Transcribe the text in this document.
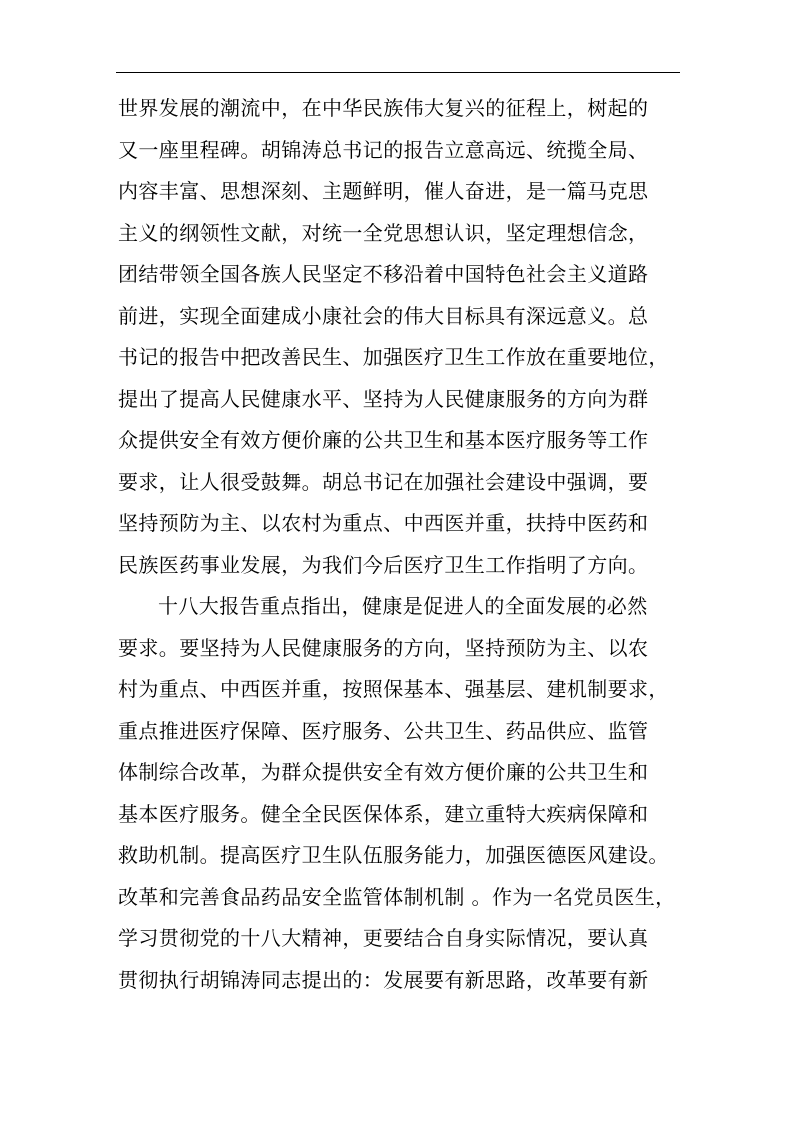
世界发展的潮流中，在中华民族伟大复兴的征程上，树起的
又一座里程碑。胡锦涛总书记的报告立意高远、统揽全局、
内容丰富、思想深刻、主题鲜明，催人奋进，是一篇马克思
主义的纲领性文献，对统一全党思想认识，坚定理想信念，
团结带领全国各族人民坚定不移沿着中国特色社会主义道路
前进，实现全面建成小康社会的伟大目标具有深远意义。总
书记的报告中把改善民生、加强医疗卫生工作放在重要地位，
提出了提高人民健康水平、坚持为人民健康服务的方向为群
众提供安全有效方便价廉的公共卫生和基本医疗服务等工作
要求，让人很受鼓舞。胡总书记在加强社会建设中强调，要
坚持预防为主、以农村为重点、中西医并重，扶持中医药和
民族医药事业发展，为我们今后医疗卫生工作指明了方向。
十八大报告重点指出，健康是促进人的全面发展的必然
要求。要坚持为人民健康服务的方向，坚持预防为主、以农
村为重点、中西医并重，按照保基本、强基层、建机制要求，
重点推进医疗保障、医疗服务、公共卫生、药品供应、监管
体制综合改革，为群众提供安全有效方便价廉的公共卫生和
基本医疗服务。健全全民医保体系，建立重特大疾病保障和
救助机制。提高医疗卫生队伍服务能力，加强医德医风建设。
改革和完善食品药品安全监管体制机制 。作为一名党员医生，
学习贯彻党的十八大精神，更要结合自身实际情况，要认真
贯彻执行胡锦涛同志提出的：发展要有新思路，改革要有新
